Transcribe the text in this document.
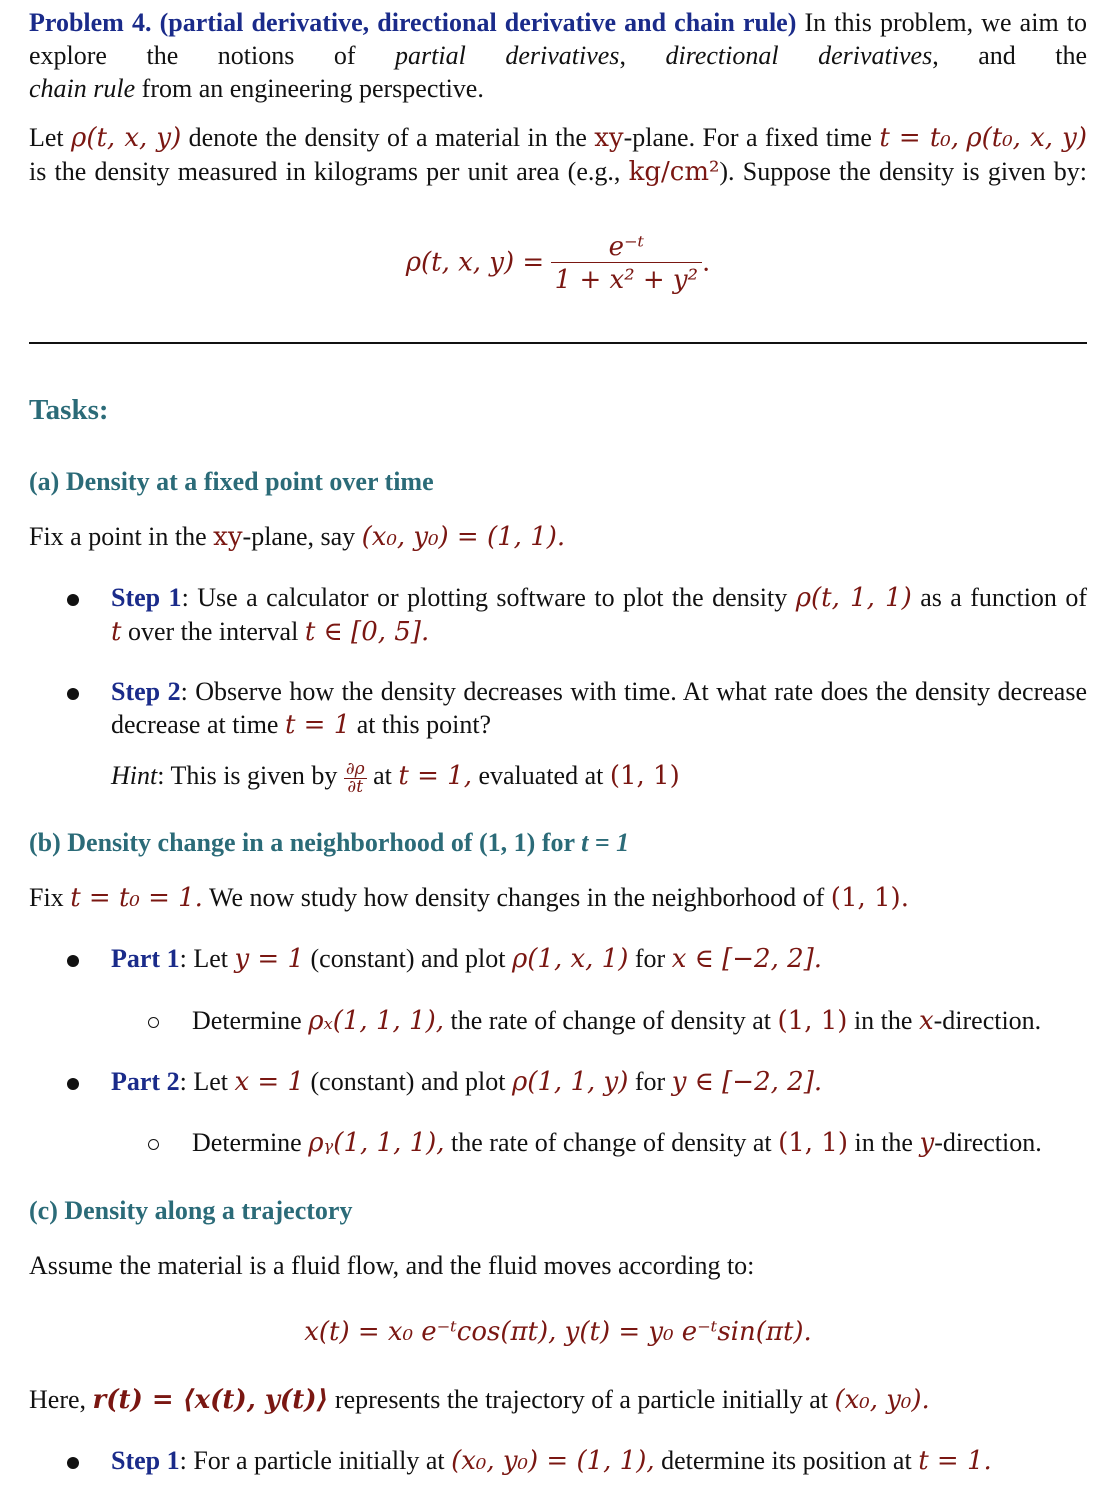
Problem 4. (partial derivative, directional derivative and chain rule) In this problem, we aim to explore the notions of partial derivatives, directional derivatives, and the

chain rule from an engineering perspective.

Let ρ(t, x, y) denote the density of a material in the xy-plane. For a fixed time t = t₀, ρ(t₀, x, y)

is the density measured in kilograms per unit area (e.g., kg/cm²). Suppose the density is given by:

ρ(t, x, $y) = \frac{\text{e⁻ᵗ}}{\text{1 + x² + y²}}$ .
Tasks:
(a) Density at a fixed point over time
Fix a point in the xy-plane, say (x₀, y₀) = (1, 1).

Step 1: Use a calculator or plotting software to plot the density ρ(t, 1, 1) as a function of

t over the interval t ∈ [0, 5].

Step 2: Observe how the density decreases with time. At what rate does the density decrease

t = 1 at this point?

decrease at time

Hint: This is given by $\frac{\partial\rho}{\partial t}$ at t = 1, evaluated at (1, 1)

(b) Density change in a neighborhood of (1, 1) for t = 1
Fix t = t₀ = 1. We now study how density changes in the neighborhood of (1, 1).
Part 1: Let y = 1 (constant) and plot ρ(1, x, 1) for x ∈ [−2, 2].
Determine ρₓ(1, 1, 1), the rate of change of density at (1, 1) in the x-direction.
Part 2: Let x = 1 (constant) and plot ρ(1, 1, y) for y ∈ [−2, 2].
Determine ρᵧ(1, 1, 1), the rate of change of density at (1, 1) in the y-direction.
(c) Density along a trajectory
Assume the material is a fluid flow, and the fluid moves according to:
x(t) = x₀ e⁻ᵗcos(πt), y(t) = y₀ e⁻ᵗsin(πt).
Here, r(t) = ⟨x(t), y(t)⟩ represents the trajectory of a particle initially at (x₀, y₀).
Step 1: For a particle initially at (x₀, y₀) = (1, 1), determine its position at t = 1.
